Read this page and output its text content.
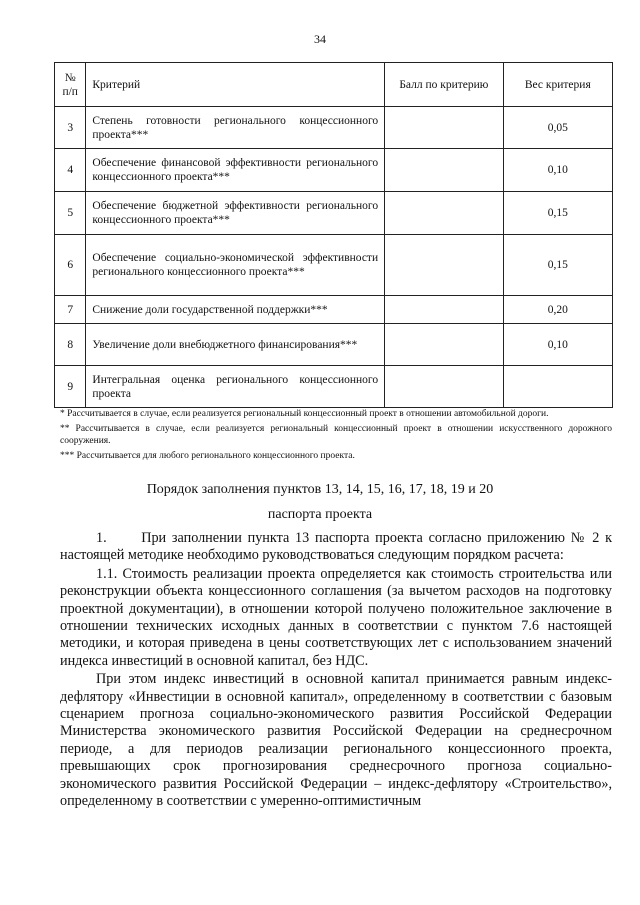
34
№ п/п	Критерий	Балл по критерию	Вес критерия
3	Степень готовности регионального концессионного проекта***		0,05
4	Обеспечение финансовой эффективности регионального концессионного проекта***		0,10
5	Обеспечение бюджетной эффективности регионального концессионного проекта***		0,15
6	Обеспечение социально-экономической эффективности регионального концессионного проекта***		0,15
7	Снижение доли государственной поддержки***		0,20
8	Увеличение доли внебюджетного финансирования***		0,10
9	Интегральная оценка регионального концессионного проекта		

* Рассчитывается в случае, если реализуется региональный концессионный проект в отношении автомобильной дороги.

** Рассчитывается в случае, если реализуется региональный концессионный проект в отношении искусственного дорожного сооружения.

*** Рассчитывается для любого регионального концессионного проекта.

Порядок заполнения пунктов 13, 14, 15, 16, 17, 18, 19 и 20
паспорта проекта

1.      При заполнении пункта 13 паспорта проекта согласно приложению № 2 к настоящей методике необходимо руководствоваться следующим порядком расчета:

1.1. Стоимость реализации проекта определяется как стоимость строительства или реконструкции объекта концессионного соглашения (за вычетом расходов на подготовку проектной документации), в отношении которой получено положительное заключение в отношении технических исходных данных в соответствии с пунктом 7.6 настоящей методики, и которая приведена в цены соответствующих лет с использованием значений индекса инвестиций в основной капитал, без НДС.

При этом индекс инвестиций в основной капитал принимается равным индекс-дефлятору «Инвестиции в основной капитал», определенному в соответствии с базовым сценарием прогноза социально-экономического развития Российской Федерации Министерства экономического развития Российской Федерации на среднесрочном периоде, а для периодов реализации регионального концессионного проекта, превышающих срок прогнозирования среднесрочного прогноза социально-экономического развития Российской Федерации – индекс-дефлятору «Строительство», определенному в соответствии с умеренно-оптимистичным
